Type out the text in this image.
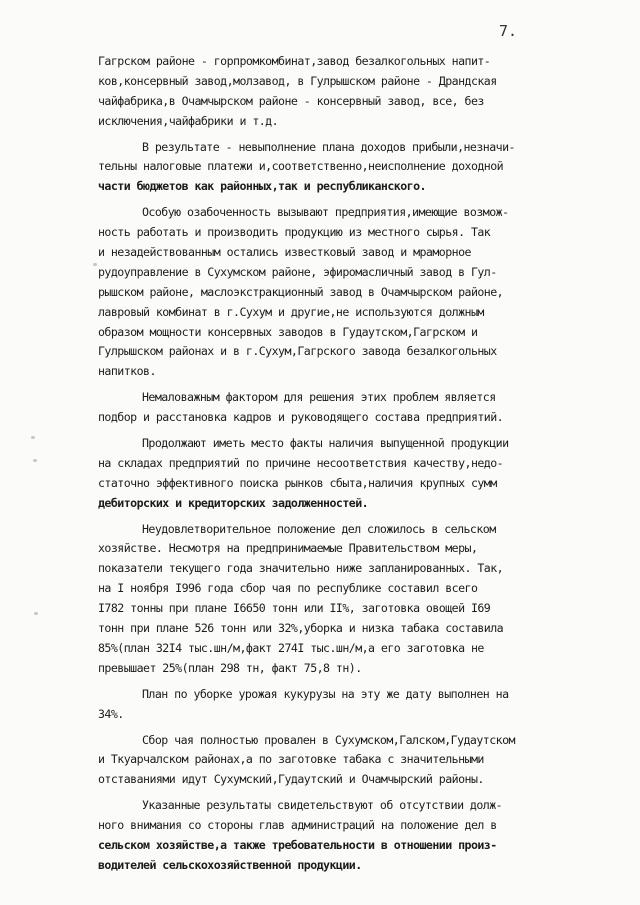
7.
Гагрском районе - горпромкомбинат,завод безалкогольных напит-
ков,консервный завод,молзавод, в Гулрышском районе - Драндская
чайфабрика,в Очамчырском районе - консервный завод, все, без
исключения,чайфабрики и т.д.
В результате - невыполнение плана доходов прибыли,незначи-
тельны налоговые платежи и,соответственно,неисполнение доходной
части бюджетов как районных,так и республиканского.
Особую озабоченность вызывают предприятия,имеющие возмож-
ность работать и производить продукцию из местного сырья. Так
и незадействованным остались известковый завод и мраморное
рудоуправление в Сухумском районе, эфиромасличный завод в Гул-
рышском районе, маслоэкстракционный завод в Очамчырском районе,
лавровый комбинат в г.Сухум и другие,не используются должным
образом мощности консервных заводов в Гудаутском,Гагрском и
Гулрышском районах и в г.Сухум,Гагрского завода безалкогольных
напитков.
Немаловажным фактором для решения этих проблем является
подбор и расстановка кадров и руководящего состава предприятий.
Продолжают иметь место факты наличия выпущенной продукции
на складах предприятий по причине несоответствия качеству,недо-
статочно эффективного поиска рынков сбыта,наличия крупных сумм
дебиторских и кредиторских задолженностей.
Неудовлетворительное положение дел сложилось в сельском
хозяйстве. Несмотря на предпринимаемые Правительством меры,
показатели текущего года значительно ниже запланированных. Так,
на I ноября I996 года сбор чая по республике составил всего
I782 тонны при плане I6650 тонн или II%, заготовка овощей I69
тонн при плане 526 тонн или 32%,уборка и низка табака составила
85%(план 32I4 тыс.шн/м,факт 274I тыс.шн/м,а его заготовка не
превышает 25%(план 298 тн, факт 75,8 тн).
План по уборке урожая кукурузы на эту же дату выполнен на
34%.
Сбор чая полностью провален в Сухумском,Галском,Гудаутском
и Ткуарчалском районах,а по заготовке табака с значительными
отставаниями идут Сухумский,Гудаутский и Очамчырский районы.
Указанные результаты свидетельствуют об отсутствии долж-
ного внимания со стороны глав администраций на положение дел в
сельском хозяйстве,а также требовательности в отношении произ-
водителей сельскохозяйственной продукции.
